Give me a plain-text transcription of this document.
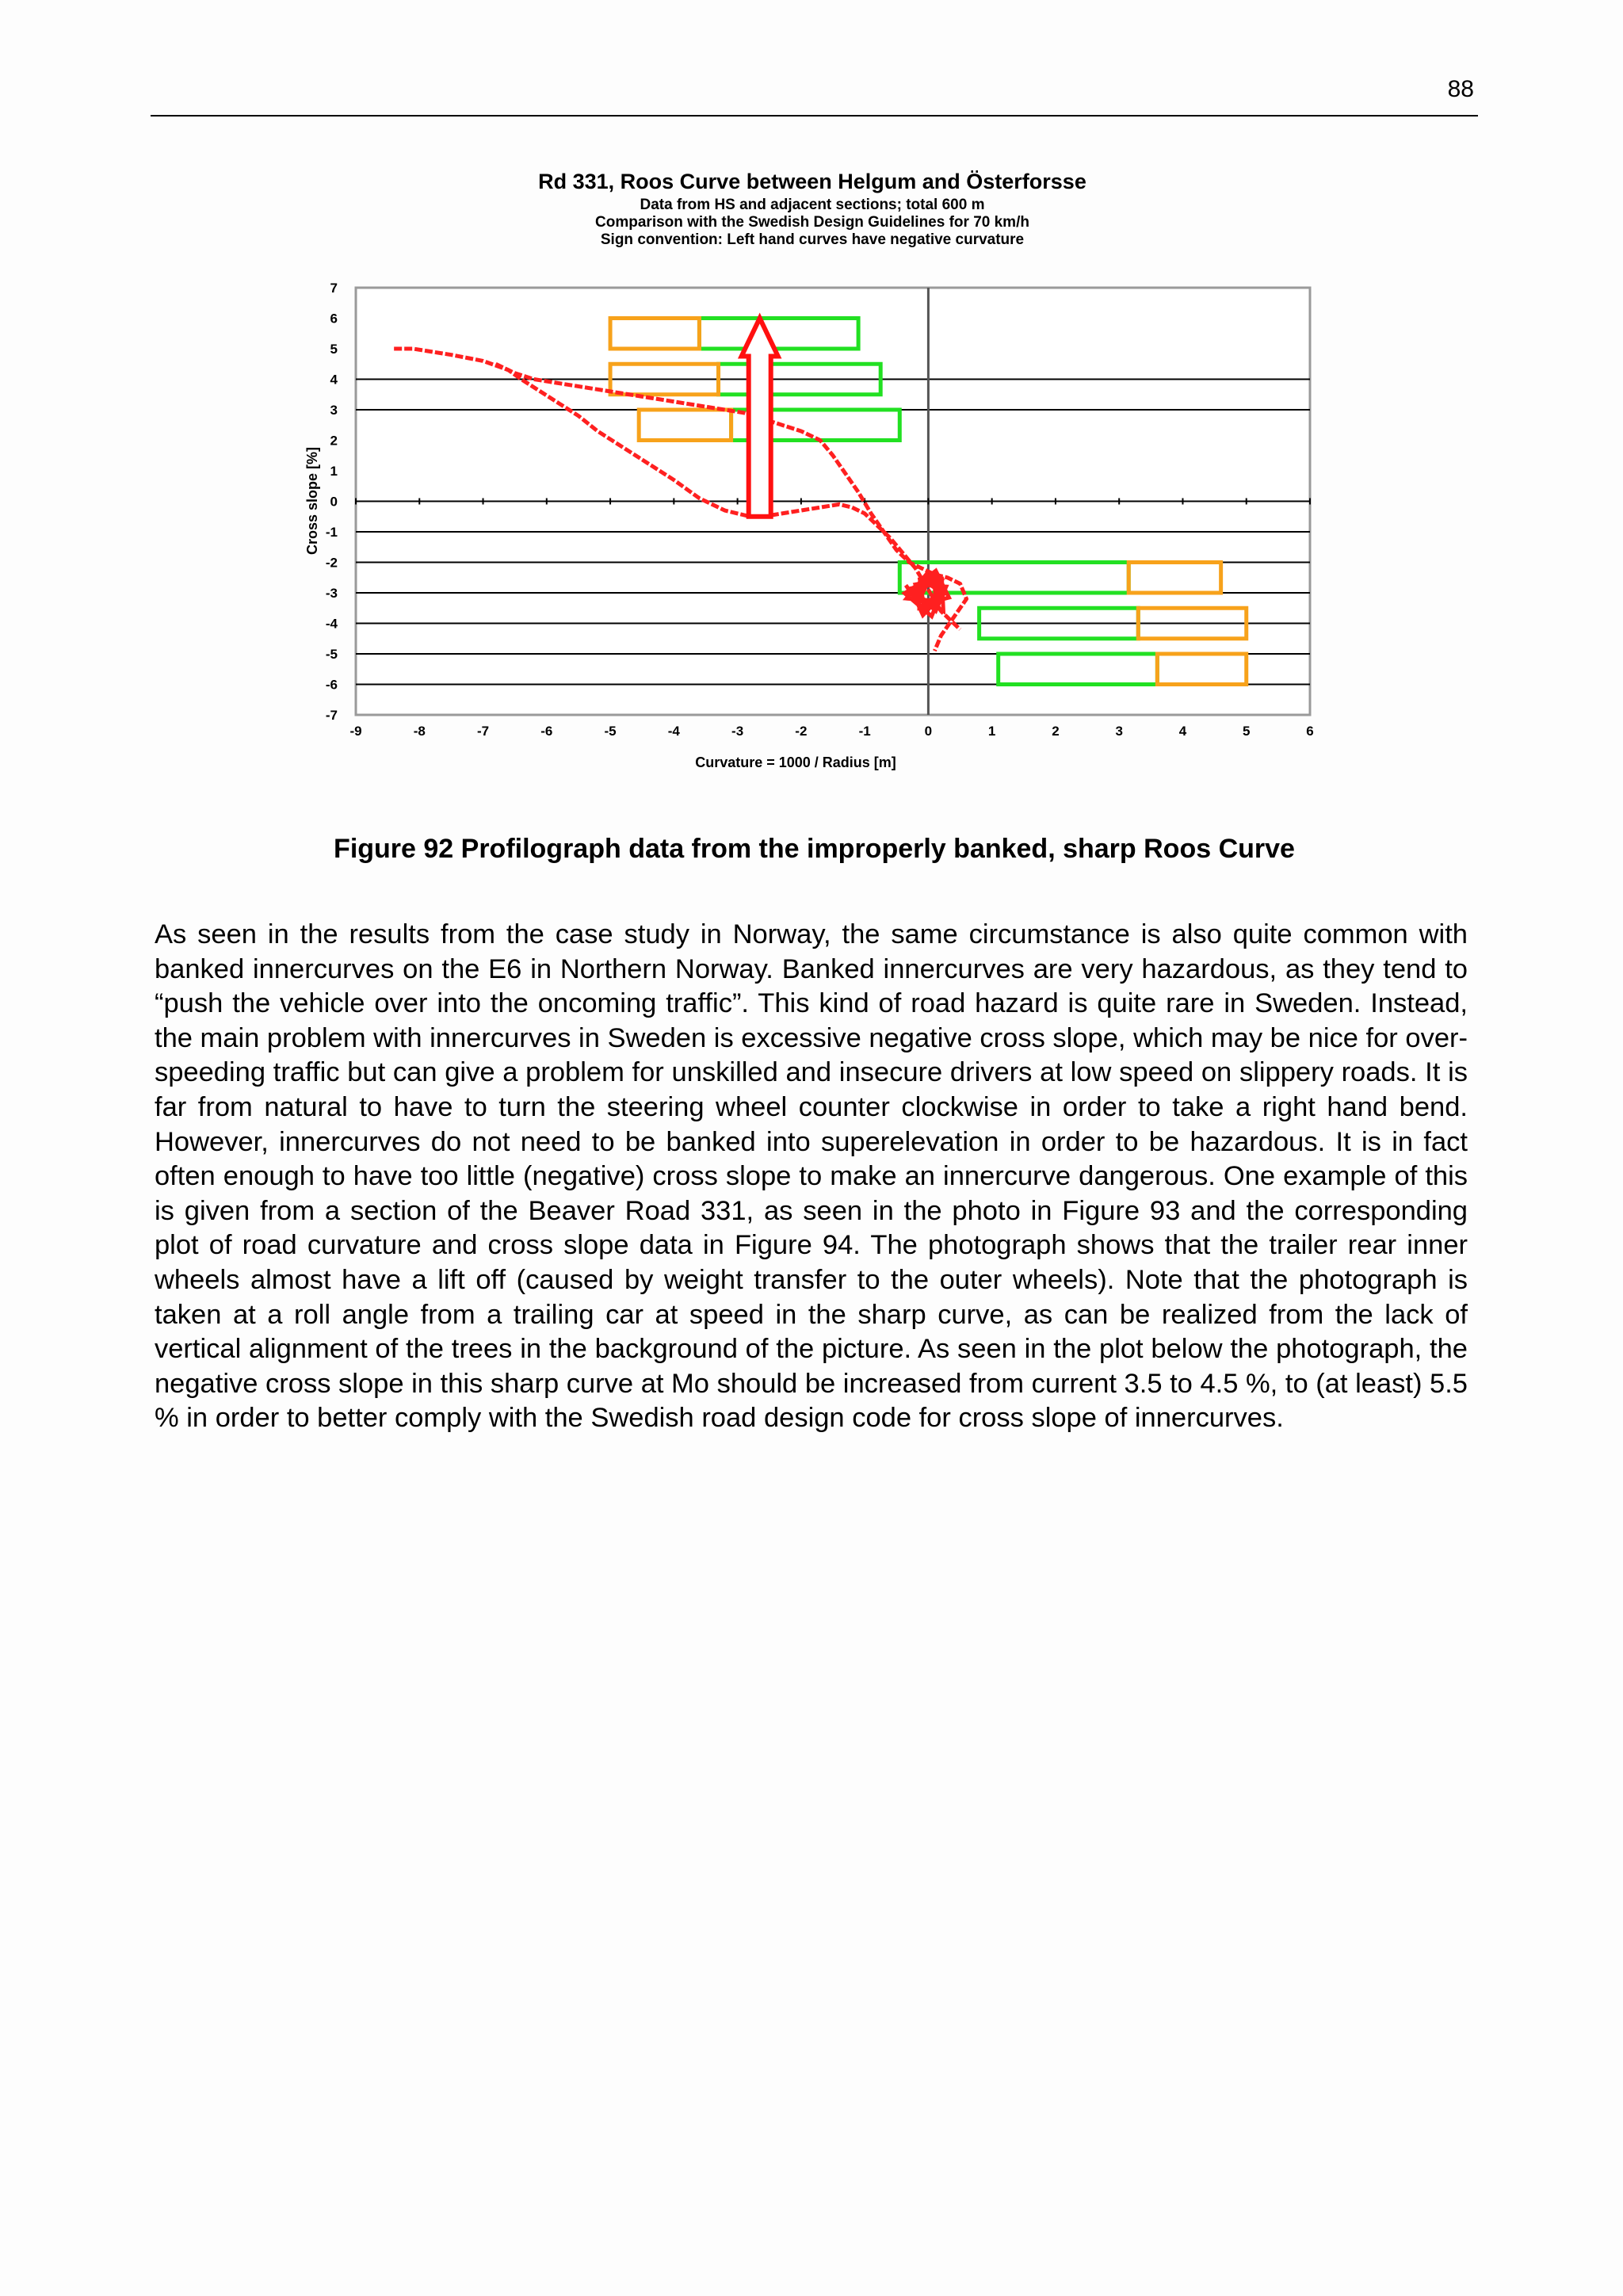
88
Rd 331, Roos Curve between Helgum and Österforsse
Data from HS and adjacent sections; total 600 m
Comparison with the Swedish Design Guidelines for 70 km/h
Sign convention: Left hand curves have negative curvature
7
6
5
4
3
2
1
0
-1
-2
-3
-4
-5
-6
-7
-9	-8	-7	-6	-5	-4	-3	-2	-1	0	1	2	3	4	5	6
Curvature = 1000 / Radius [m]
Cross slope [%]
Figure 92 Profilograph data from the improperly banked, sharp Roos Curve

As seen in the results from the case study in Norway, the same circumstance is also quite common with banked innercurves on the E6 in Northern Norway. Banked innercurves are very hazardous, as they tend to “push the vehicle over into the oncoming traffic”. This kind of road hazard is quite rare in Sweden. Instead, the main problem with innercurves in Sweden is excessive negative cross slope, which may be nice for over-speeding traffic but can give a problem for unskilled and insecure drivers at low speed on slippery roads. It is far from natural to have to turn the steering wheel counter clockwise in order to take a right hand bend. However, innercurves do not need to be banked into superelevation in order to be hazardous. It is in fact often enough to have too little (negative) cross slope to make an innercurve dangerous. One example of this is given from a section of the Beaver Road 331, as seen in the photo in Figure 93 and the corresponding plot of road curvature and cross slope data in Figure 94. The photograph shows that the trailer rear inner wheels almost have a lift off (caused by weight transfer to the outer wheels). Note that the photograph is taken at a roll angle from a trailing car at speed in the sharp curve, as can be realized from the lack of vertical alignment of the trees in the background of the picture. As seen in the plot below the photograph, the negative cross slope in this sharp curve at Mo should be increased from current 3.5 to 4.5 %, to (at least) 5.5 % in order to better comply with the Swedish road design code for cross slope of innercurves.
